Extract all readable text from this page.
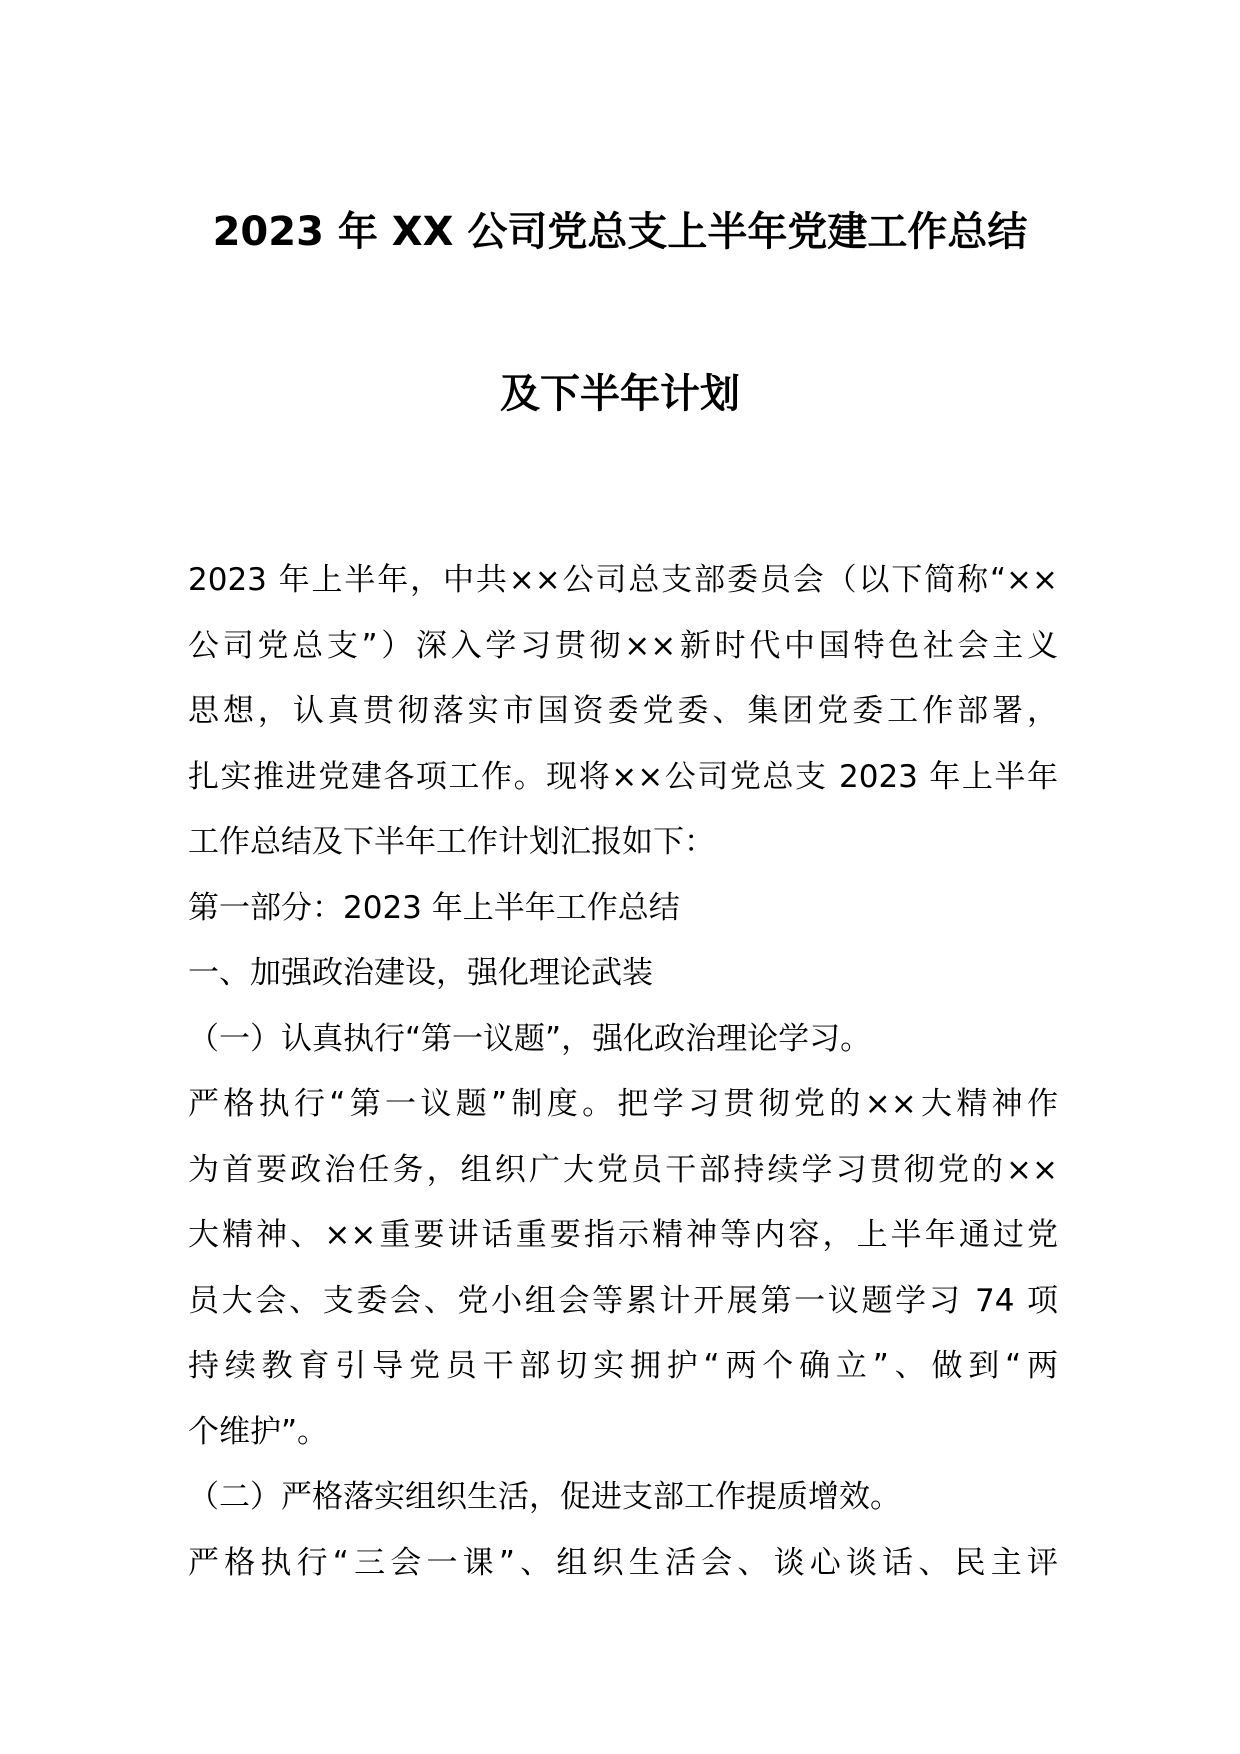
2023 年 XX 公司党总支上半年党建工作总结
及下半年计划
2023 年上半年，中共××公司总支部委员会（以下简称“××
公司党总支”）深入学习贯彻××新时代中国特色社会主义
思想，认真贯彻落实市国资委党委、集团党委工作部署，
扎实推进党建各项工作。现将××公司党总支 2023 年上半年
工作总结及下半年工作计划汇报如下：
第一部分：2023 年上半年工作总结
一、加强政治建设，强化理论武装
（一）认真执行“第一议题”，强化政治理论学习。
严格执行“第一议题”制度。把学习贯彻党的××大精神作
为首要政治任务，组织广大党员干部持续学习贯彻党的××
大精神、××重要讲话重要指示精神等内容，上半年通过党
员大会、支委会、党小组会等累计开展第一议题学习 74 项
持续教育引导党员干部切实拥护“两个确立”、做到“两
个维护”。
（二）严格落实组织生活，促进支部工作提质增效。
严格执行“三会一课”、组织生活会、谈心谈话、民主评
